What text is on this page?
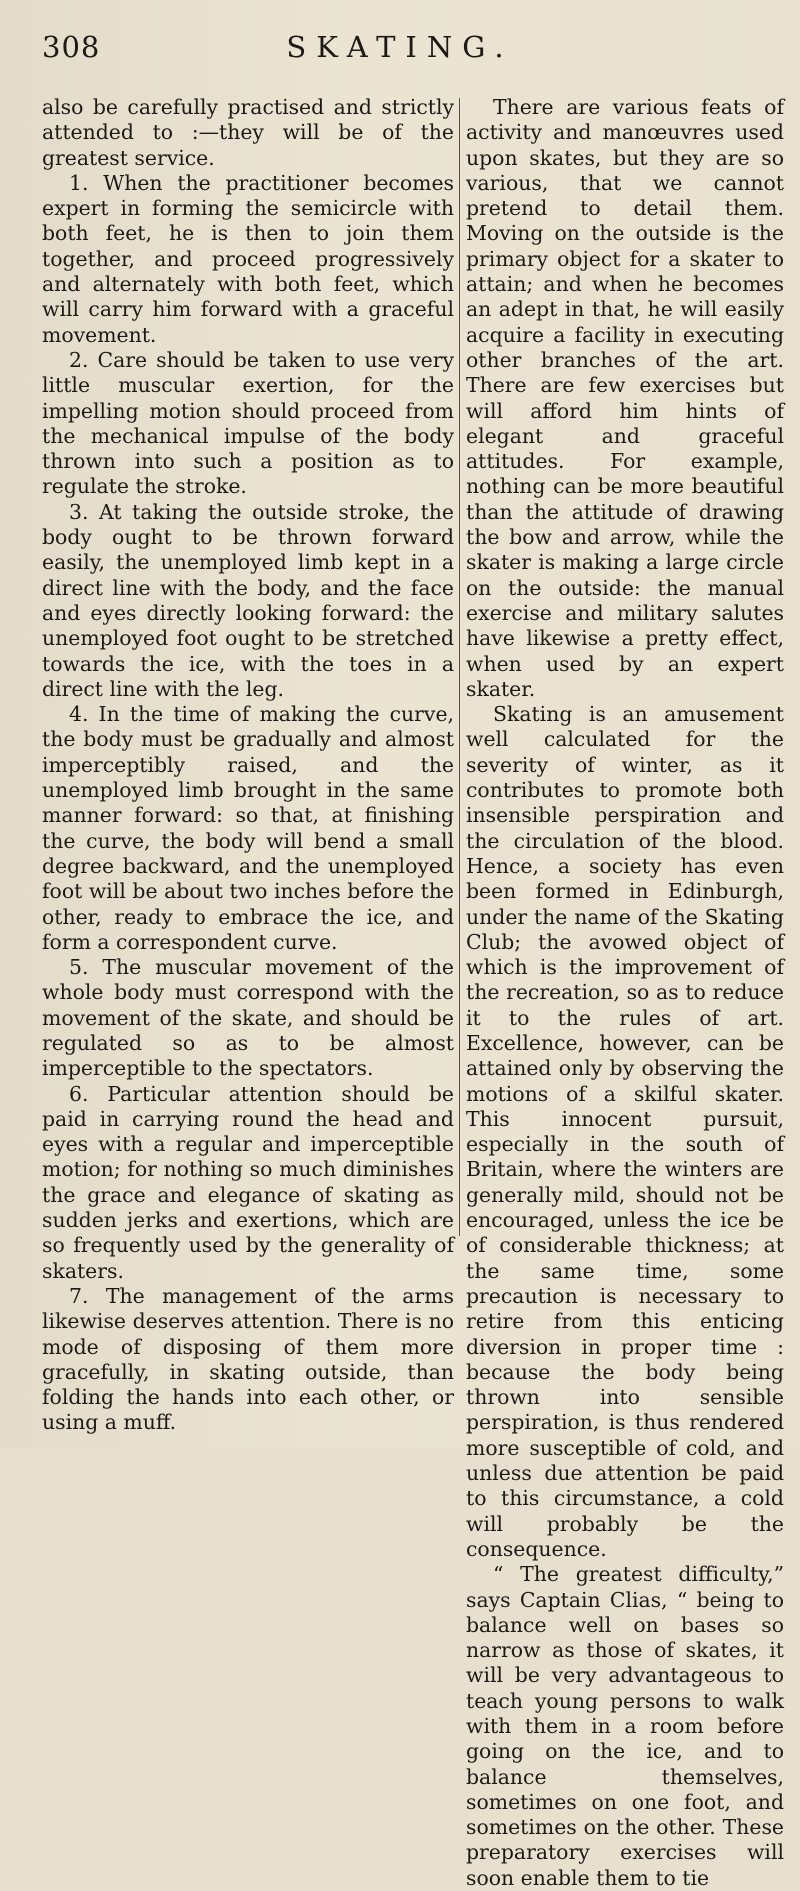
308	SKATING.

also be carefully practised and strictly attended to :—they will be of the greatest service.

1. When the practitioner becomes expert in forming the semicircle with both feet, he is then to join them together, and proceed progressively and alternately with both feet, which will carry him forward with a graceful movement.

2. Care should be taken to use very little muscular exertion, for the impelling motion should proceed from the mechanical impulse of the body thrown into such a position as to regulate the stroke.

3. At taking the outside stroke, the body ought to be thrown forward easily, the unemployed limb kept in a direct line with the body, and the face and eyes directly looking forward: the unemployed foot ought to be stretched towards the ice, with the toes in a direct line with the leg.

4. In the time of making the curve, the body must be gradually and almost imperceptibly raised, and the unemployed limb brought in the same manner forward: so that, at finishing the curve, the body will bend a small degree backward, and the unemployed foot will be about two inches before the other, ready to embrace the ice, and form a correspondent curve.

5. The muscular movement of the whole body must correspond with the movement of the skate, and should be regulated so as to be almost imperceptible to the spectators.

6. Particular attention should be paid in carrying round the head and eyes with a regular and imperceptible motion; for nothing so much diminishes the grace and elegance of skating as sudden jerks and exertions, which are so frequently used by the generality of skaters.

7. The management of the arms likewise deserves attention. There is no mode of disposing of them more gracefully, in skating outside, than folding the hands into each other, or using a muff.

There are various feats of activity and manœuvres used upon skates, but they are so various, that we cannot pretend to detail them. Moving on the outside is the primary object for a skater to attain; and when he becomes an adept in that, he will easily acquire a facility in executing other branches of the art. There are few exercises but will afford him hints of elegant and graceful attitudes. For example, nothing can be more beautiful than the attitude of drawing the bow and arrow, while the skater is making a large circle on the outside: the manual exercise and military salutes have likewise a pretty effect, when used by an expert skater.

Skating is an amusement well calculated for the severity of winter, as it contributes to promote both insensible perspiration and the circulation of the blood. Hence, a society has even been formed in Edinburgh, under the name of the Skating Club; the avowed object of which is the improvement of the recreation, so as to reduce it to the rules of art. Excellence, however, can be attained only by observing the motions of a skilful skater. This innocent pursuit, especially in the south of Britain, where the winters are generally mild, should not be encouraged, unless the ice be of considerable thickness; at the same time, some precaution is necessary to retire from this enticing diversion in proper time : because the body being thrown into sensible perspiration, is thus rendered more susceptible of cold, and unless due attention be paid to this circumstance, a cold will probably be the consequence.

“ The greatest difficulty,” says Captain Clias, “ being to balance well on bases so narrow as those of skates, it will be very advantageous to teach young persons to walk with them in a room before going on the ice, and to balance themselves, sometimes on one foot, and sometimes on the other. These preparatory exercises will soon enable them to tie
